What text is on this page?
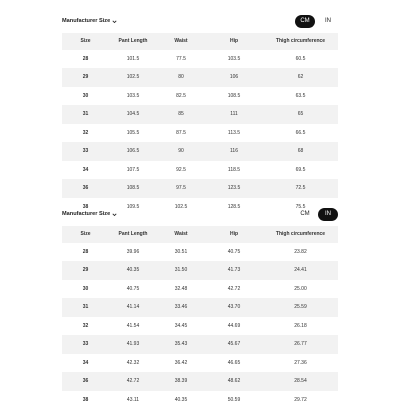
Manufacturer Size	CM	IN
Size	Pant Length	Waist	Hip	Thigh circumference
28	101.5	77.5	103.5	60.5
29	102.5	80	106	62
30	103.5	82.5	108.5	63.5
31	104.5	85	111	65
32	105.5	87.5	113.5	66.5
33	106.5	90	116	68
34	107.5	92.5	118.5	69.5
36	108.5	97.5	123.5	72.5
38	109.5	102.5	128.5	75.5
Manufacturer Size	CM	IN
Size	Pant Length	Waist	Hip	Thigh circumference
28	39.96	30.51	40.75	23.82
29	40.35	31.50	41.73	24.41
30	40.75	32.48	42.72	25.00
31	41.14	33.46	43.70	25.59
32	41.54	34.45	44.69	26.18
33	41.93	35.43	45.67	26.77
34	42.32	36.42	46.65	27.36
36	42.72	38.39	48.62	28.54
38	43.11	40.35	50.59	29.72
